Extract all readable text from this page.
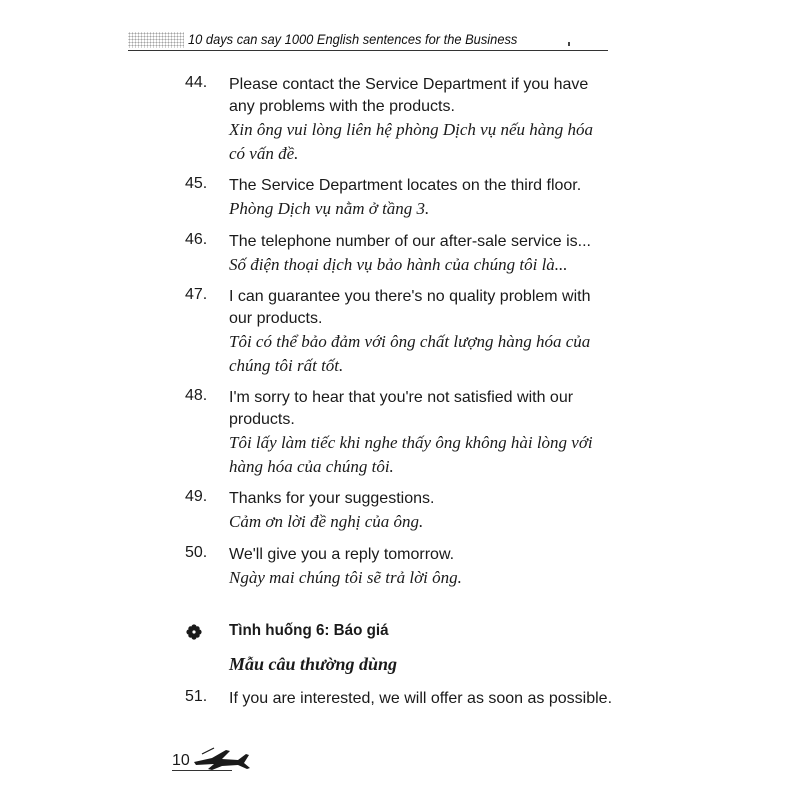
10 days can say 1000 English sentences for the Business
44. Please contact the Service Department if you have

any problems with the products.

Xin ông vui lòng liên hệ phòng Dịch vụ nếu hàng hóa

có vấn đề.

45. The Service Department locates on the third floor.

Phòng Dịch vụ nằm ở tầng 3.

46. The telephone number of our after-sale service is...

Số điện thoại dịch vụ bảo hành của chúng tôi là...

47. I can guarantee you there's no quality problem with

our products.

Tôi có thể bảo đảm với ông chất lượng hàng hóa của

chúng tôi rất tốt.

48. I'm sorry to hear that you're not satisfied with our

products.

Tôi lấy làm tiếc khi nghe thấy ông không hài lòng với

hàng hóa của chúng tôi.

49. Thanks for your suggestions.

Cảm ơn lời đề nghị của ông.

50. We'll give you a reply tomorrow.

Ngày mai chúng tôi sẽ trả lời ông.

Tình huống 6: Báo giá
Mẫu câu thường dùng
51. If you are interested, we will offer as soon as possible.

10
